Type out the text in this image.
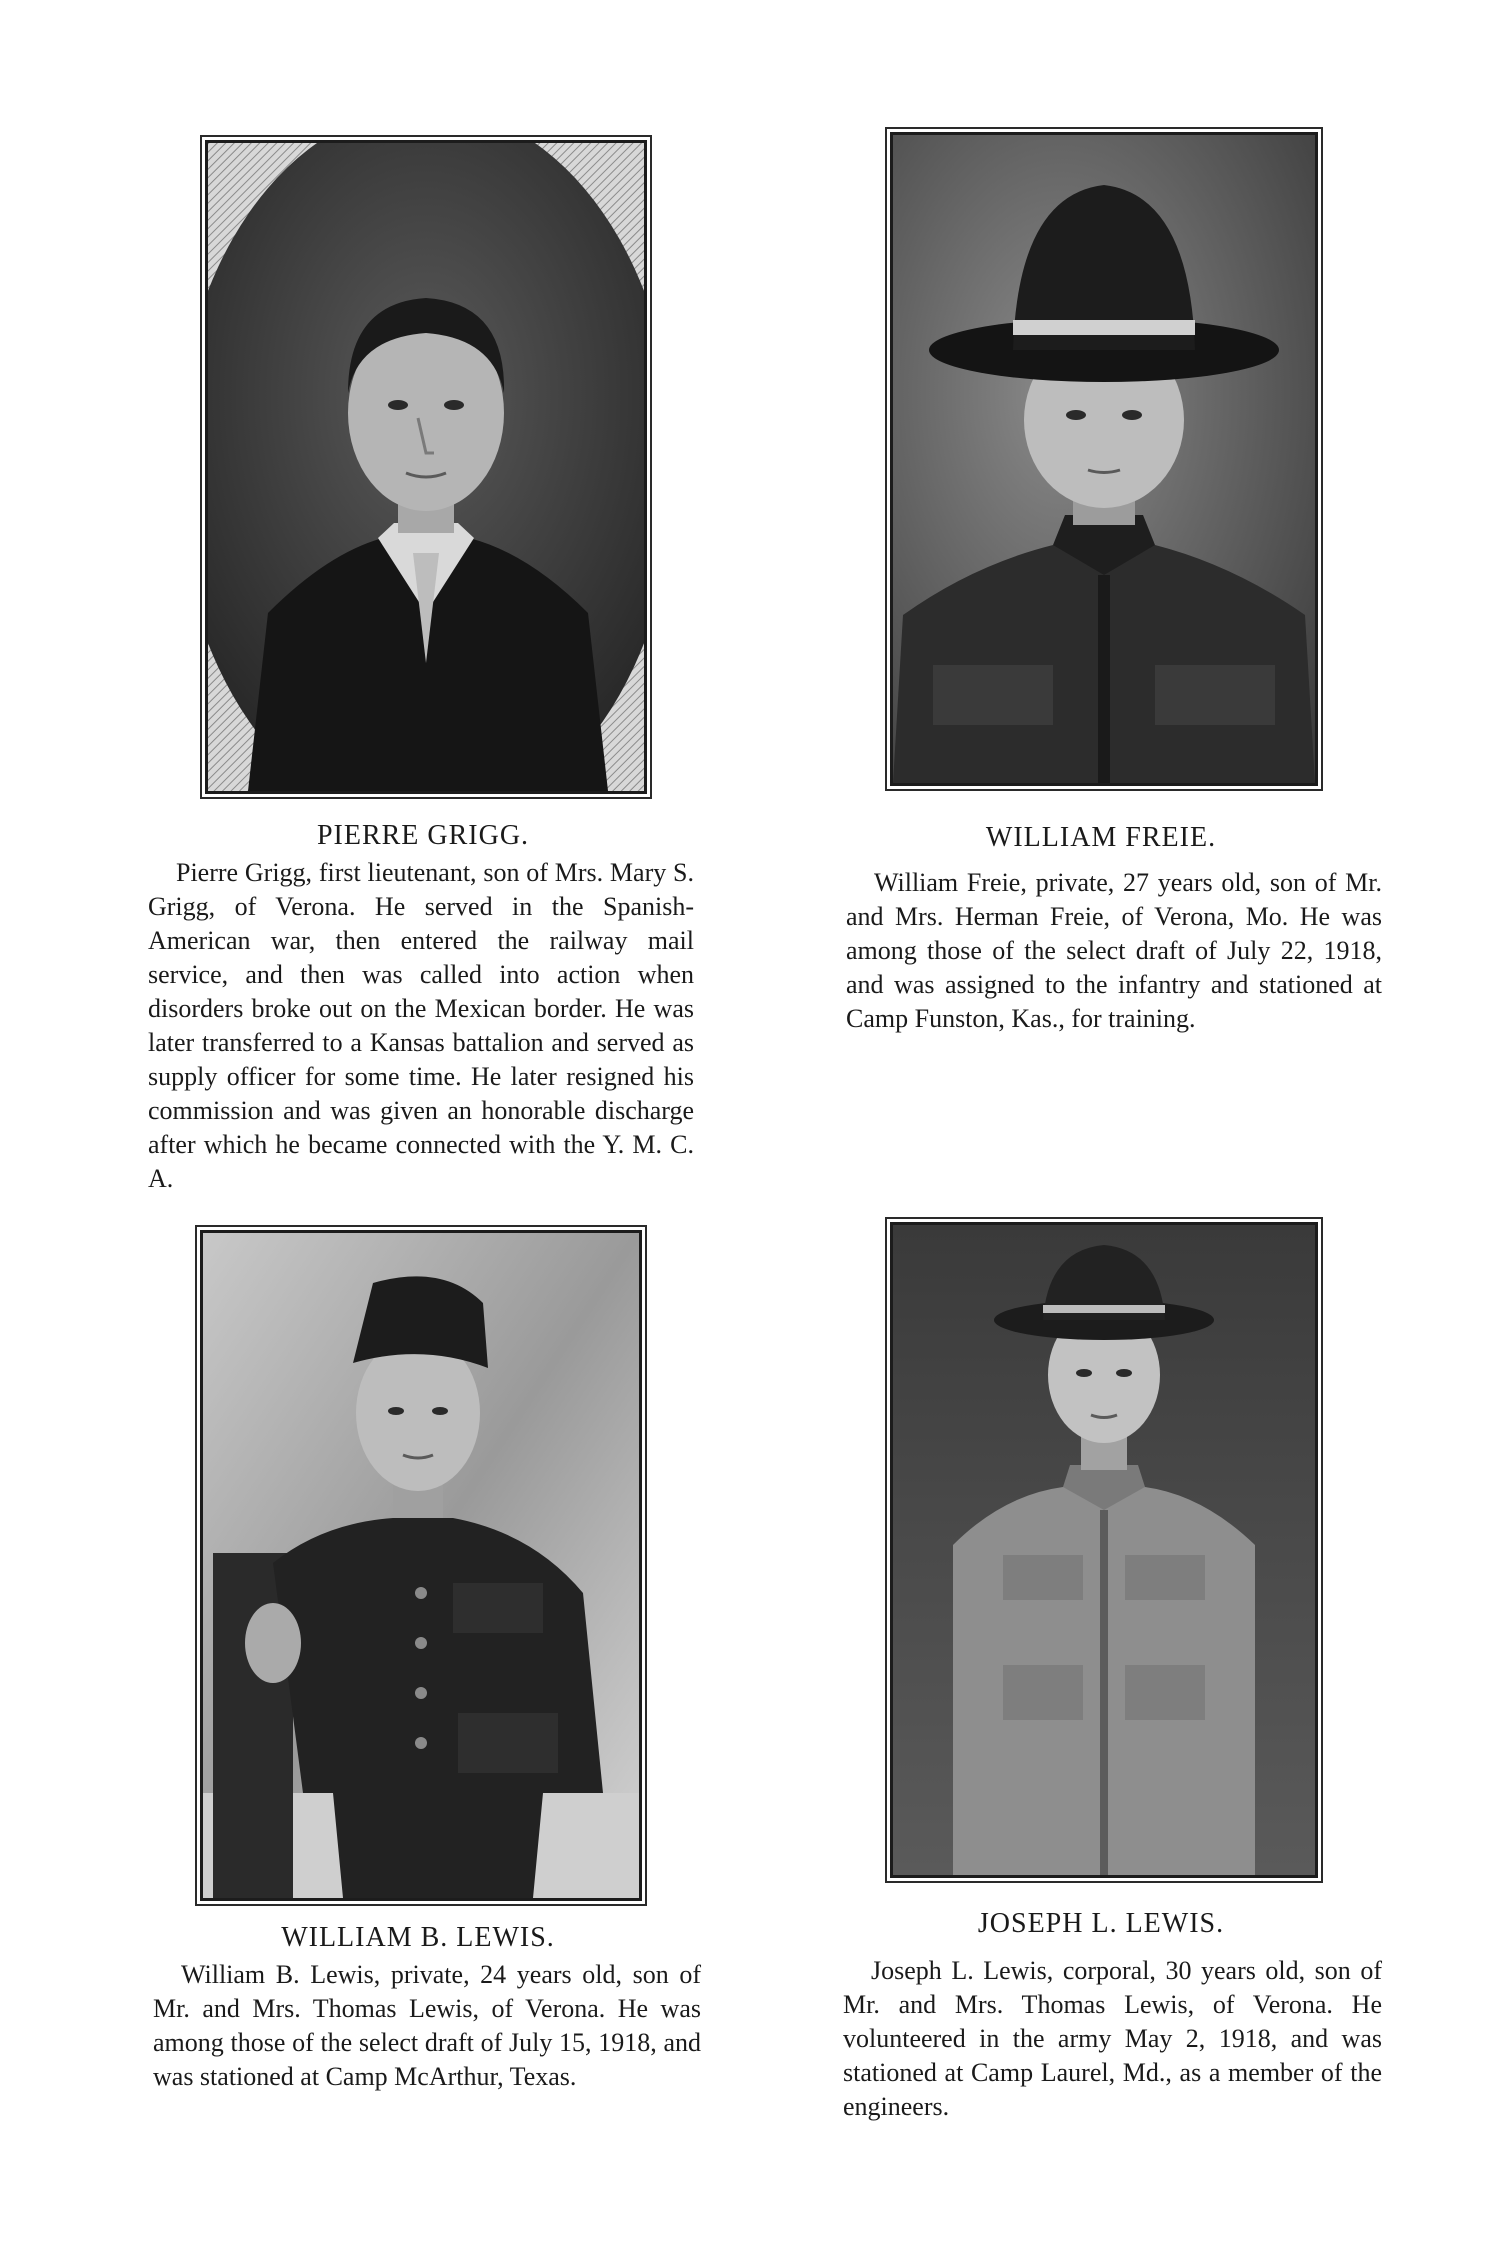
PIERRE GRIGG.
Pierre Grigg, first lieutenant, son of Mrs. Mary S. Grigg, of Verona. He served in the Spanish-American war, then entered the railway mail service, and then was called into action when disorders broke out on the Mexican border. He was later transferred to a Kansas battalion and served as supply officer for some time. He later resigned his commission and was given an honorable discharge after which he became connected with the Y. M. C. A.
WILLIAM FREIE.
William Freie, private, 27 years old, son of Mr. and Mrs. Herman Freie, of Verona, Mo. He was among those of the select draft of July 22, 1918, and was assigned to the infantry and stationed at Camp Funston, Kas., for training.
WILLIAM B. LEWIS.
William B. Lewis, private, 24 years old, son of Mr. and Mrs. Thomas Lewis, of Verona. He was among those of the select draft of July 15, 1918, and was stationed at Camp McArthur, Texas.
JOSEPH L. LEWIS.
Joseph L. Lewis, corporal, 30 years old, son of Mr. and Mrs. Thomas Lewis, of Verona. He volunteered in the army May 2, 1918, and was stationed at Camp Laurel, Md., as a member of the engineers.
